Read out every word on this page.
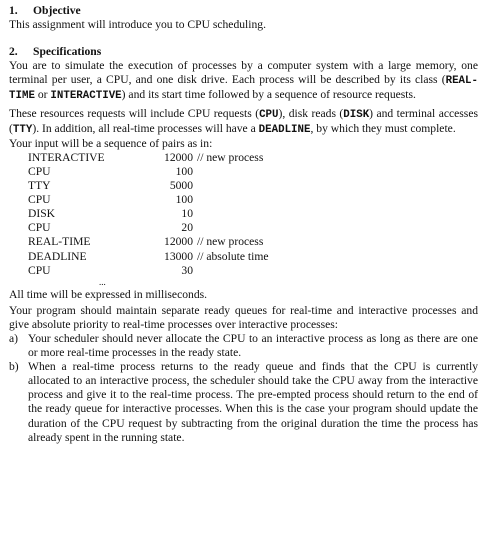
1.	Objective

This assignment will introduce you to CPU scheduling.

2.	Specifications

You are to simulate the execution of processes by a computer system with a large memory, one terminal per user, a CPU, and one disk drive. Each process will be described by its class (REAL-TIME or INTERACTIVE) and its start time followed by a sequence of resource requests.

These resources requests will include CPU requests (CPU), disk reads (DISK) and terminal accesses (TTY). In addition, all real-time processes will have a DEADLINE, by which they must complete.

Your input will be a sequence of pairs as in:

INTERACTIVE	12000 // new process
CPU	100
TTY	5000
CPU	100
DISK	10
CPU	20
REAL-TIME	12000 // new process
DEADLINE	13000 // absolute time
CPU	30
...

All time will be expressed in milliseconds.

Your program should maintain separate ready queues for real-time and interactive processes and give absolute priority to real-time processes over interactive processes:

a) Your scheduler should never allocate the CPU to an interactive process as long as there are one or more real-time processes in the ready state.
b) When a real-time process returns to the ready queue and finds that the CPU is currently allocated to an interactive process, the scheduler should take the CPU away from the interactive process and give it to the real-time process. The pre-empted process should return to the end of the ready queue for interactive processes. When this is the case your program should update the duration of the CPU request by subtracting from the original duration the time the process has already spent in the running state.
